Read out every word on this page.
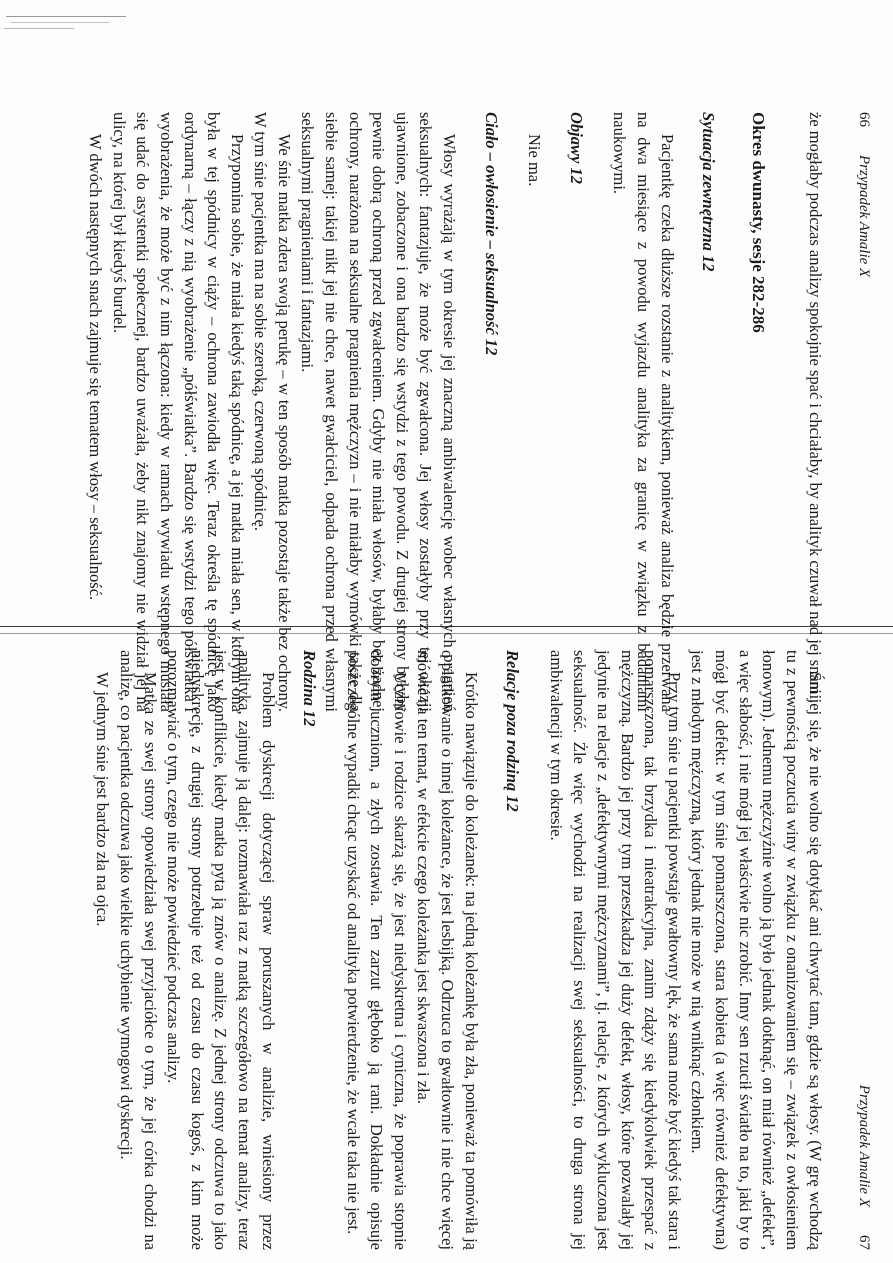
66
Przypadek Amalie X

że mogłaby podczas analizy spokojnie spać i chciałaby, by analityk czuwał nad jej snami.

Okres dwunasty, sesje 282-286
Sytuacja zewnętrzna 12

Pacjentkę czeka dłuższe rozstanie z analitykiem, ponieważ analiza będzie przerwana na dwa miesiące z powodu wyjazdu analityka za granicę w związku z badaniami naukowymi.

Objawy 12

Nie ma.

Ciało – owłosienie – seksualność 12

Włosy wyrażają w tym okresie jej znaczną ambiwalencję wobec własnych pragnień seksualnych: fantazjuje, że może być zgwałcona. Jej włosy zostałyby przy tej okazji ujawnione, zobaczone i ona bardzo się wstydzi z tego powodu. Z drugiej strony byłyby pewnie dobrą ochroną przed zgwałceniem. Gdyby nie miała włosów, byłaby bez żadnej ochrony, narażona na seksualne pragnienia mężczyzn – i nie miałaby wymówki także dla siebie samej: takiej nikt jej nie chce, nawet gwałciciel, odpada ochrona przed własnymi seksualnymi pragnieniami i fantazjami.

We śnie matka zdera swoją perukę – w ten sposób matka pozostaje także bez ochrony. W tym śnie pacjentka ma na sobie szeroką, czerwoną spódnicę.

Przypomina sobie, że miała kiedyś taką spódnicę, a jej matka miała sen, w którym ona była w tej spódnicy w ciąży – ochrona zawiodła więc. Teraz określa tę spódnicę jako ordynarną – łączy z nią wyobrażenie „półświatka”. Bardzo się wstydzi tego półświatka i wyobrażenia, że może być z nim łączona: kiedy w ramach wywiadu wstępnego musiała się udać do asystentki społecznej, bardzo uważała, żeby nikt znajomy nie widział jej na ulicy, na której był kiedyś burdel.

W dwóch następnych snach zajmuje się tematem włosy – seksualność.

Przypadek Amalie X
67

Śni jej się, że nie wolno się dotykać ani chwytać tam, gdzie są włosy. (W grę wchodzą tu z pewnością poczucia winy w związku z onanizowaniem się – związek z owłosieniem łonowym). Jednemu mężczyźnie wolno ją było jednak dotknąć, on miał również „defekt”, a więc słabość, i nie mógł jej właściwie nic zrobić. Inny sen rzucił światło na to, jaki by to mógł być defekt: w tym śnie pomarszczona, stara kobieta (a więc również defektywna) jest z młodym mężczyzną, który jednak nie może w nią wniknąć członkiem.

Przy tym śnie u pacjentki powstaje gwałtowny lęk, że sama może być kiedyś tak stara i pomarszczona, tak brzydka i nieatrakcyjna, zanim zdąży się kiedykolwiek przespać z mężczyzną. Bardzo jej przy tym przeszkadza jej duży defekt, włosy, które pozwalały jej jedynie na relacje z „defektywnymi mężczyznami”, tj. relacje, z których wykluczona jest seksualność. Żle więc wychodzi na realizacji swej seksualności, to druga strona jej ambiwalencji w tym okresie.

Relacje poza rodziną 12

Krótko nawiązuje do koleżanek: na jedną koleżankę była zła, ponieważ ta pomówiła ją o plotkowanie o innej koleżance, że jest lesbijką. Odrzuca to gwałtownie i nie chce więcej mówić na ten temat, w efekcie czego koleżanka jest skwaszona i zła.

Uczniowie i rodzice skarżą się, że jest niedyskretna i cyniczna, że poprawia stopnie dobrym uczniom, a złych zostawia. Ten zarzut głęboko ją rani. Dokładnie opisuje poszczególne wypadki chcąc uzyskać od analityka potwierdzenie, że wcale taka nie jest.

Rodzina 12

Problem dyskrecji dotyczącej spraw poruszanych w analizie, wniesiony przez analityka, zajmuje ją dalej: rozmawiała raz z matką szczegółowo na temat analizy, teraz jest w konflikcie, kiedy matka pyta ją znów o analizę. Z jednej strony odczuwa to jako niedyskrecję, z drugiej strony potrzebuje też od czasu do czasu kogoś, z kim może porozmawiać o tym, czego nie może powiedzieć podczas analizy.

Matka ze swej strony opowiedziała swej przyjaciółce o tym, że jej córka chodzi na analizę, co pacjentka odczuwa jako wielkie uchybienie wymogowi dyskrecji.

W jednym śnie jest bardzo zła na ojca.
